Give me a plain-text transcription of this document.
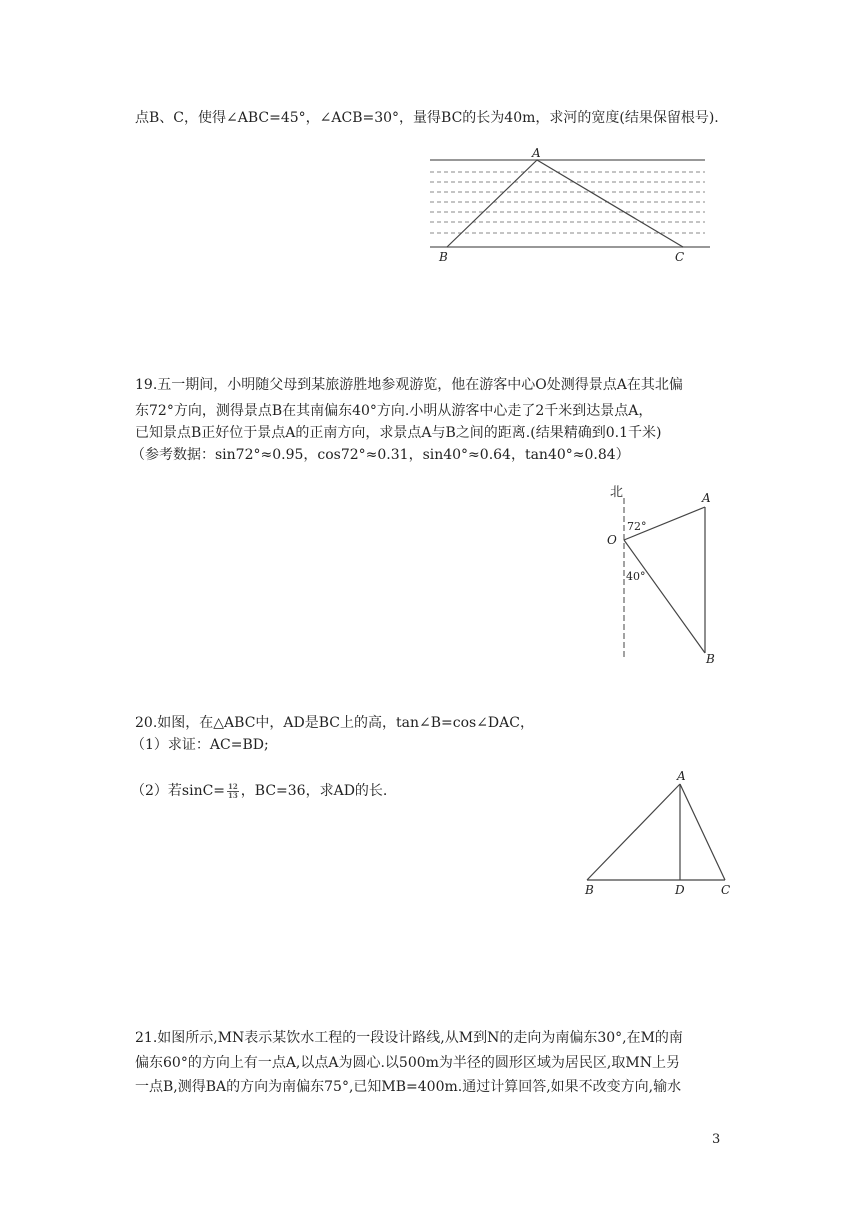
点B、C，使得∠ABC=45°，∠ACB=30°，量得BC的长为40m，求河的宽度(结果保留根号).
A
B	C
19.五一期间，小明随父母到某旅游胜地参观游览，他在游客中心O处测得景点A在其北偏
东72°方向，测得景点B在其南偏东40°方向.小明从游客中心走了2千米到达景点A，
已知景点B正好位于景点A的正南方向，求景点A与B之间的距离.(结果精确到0.1千米)
（参考数据：sin72°≈0.95，cos72°≈0.31，sin40°≈0.64，tan40°≈0.84）
北
O
A
B
72°
40°
20.如图，在△ABC中，AD是BC上的高，tan∠B=cos∠DAC，
（1）求证：AC=BD;
（2）若$\sin C= \frac{12}{13}$ ，BC=36，求AD的长.
A
B	D	C
21.如图所示,MN表示某饮水工程的一段设计路线,从M到N的走向为南偏东30°,在M的南
偏东60°的方向上有一点A,以点A为圆心.以500m为半径的圆形区域为居民区,取MN上另
一点B,测得BA的方向为南偏东75°,已知MB=400m.通过计算回答,如果不改变方向,输水
3
